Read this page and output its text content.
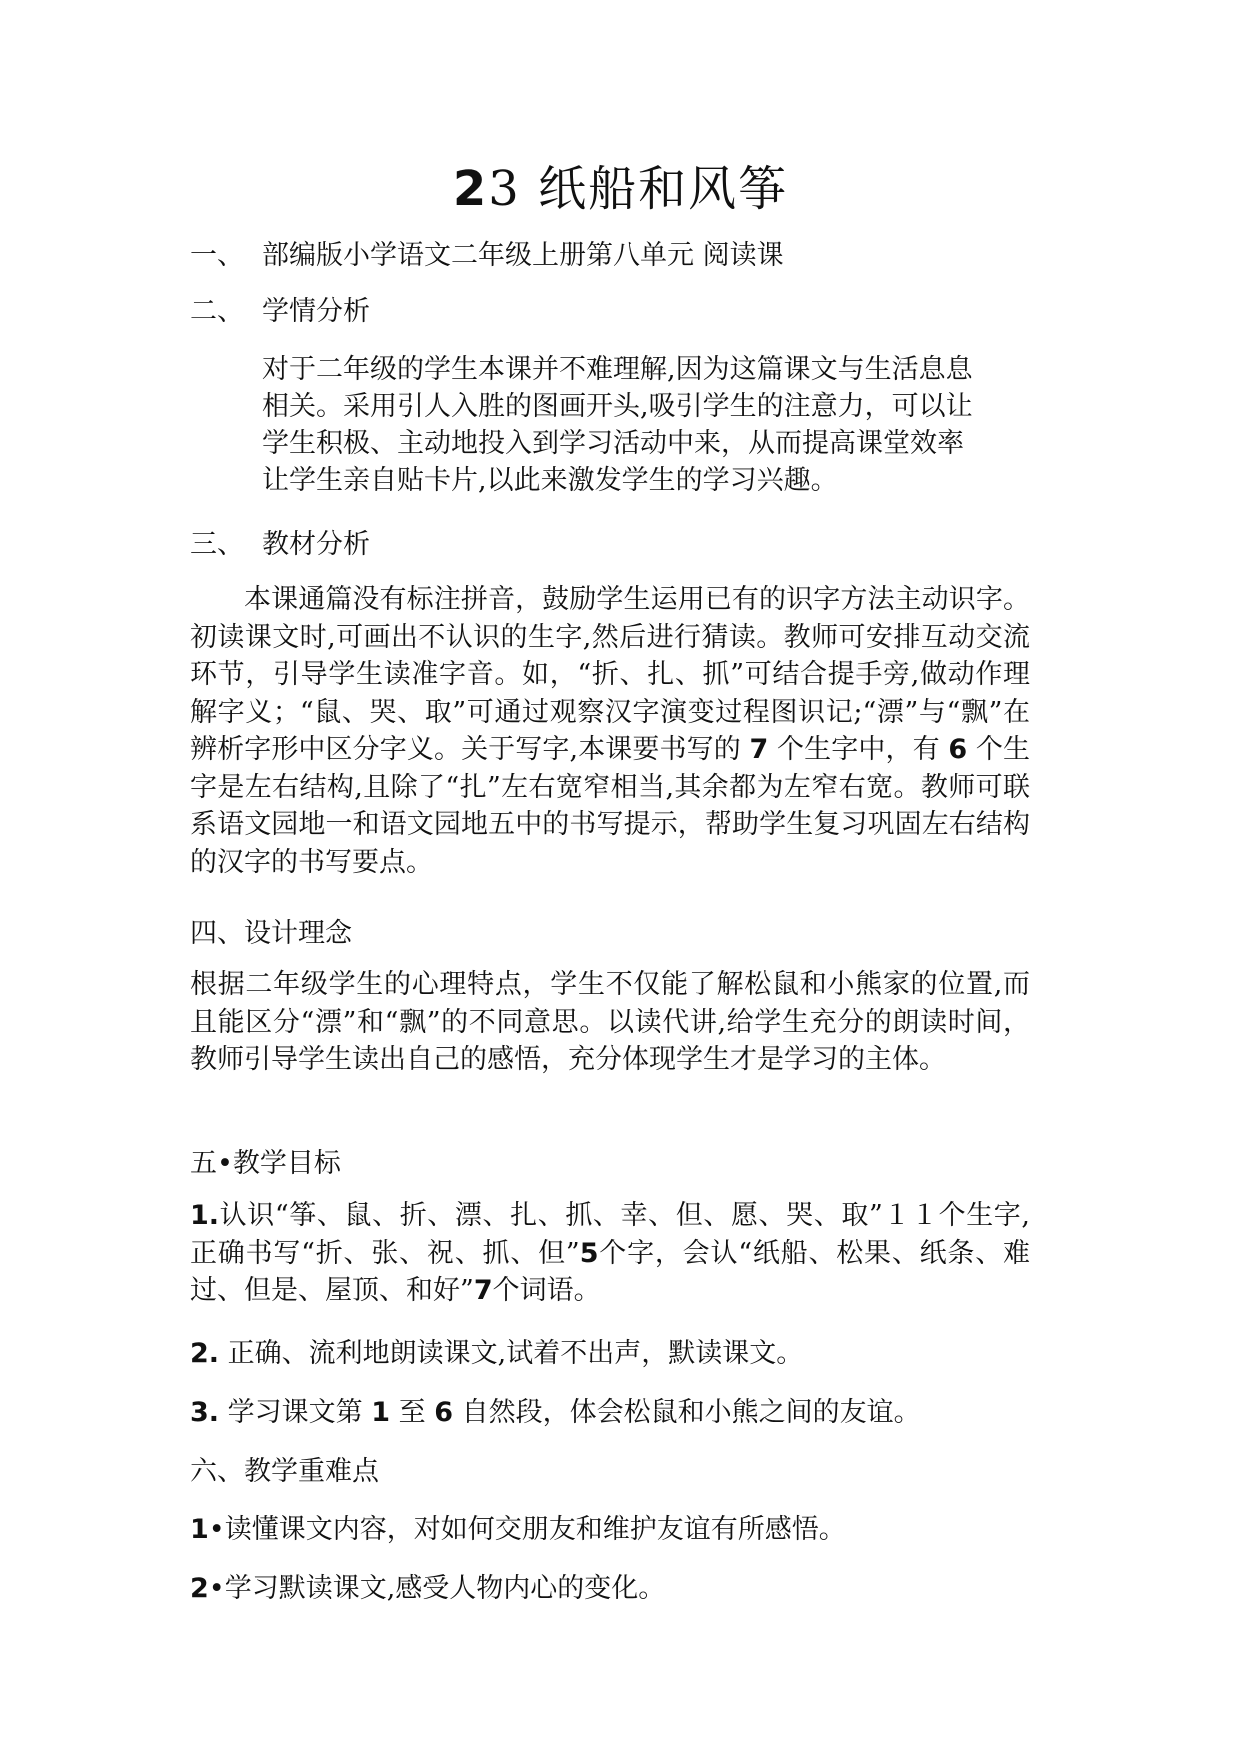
23 纸船和风筝
一、 部编版小学语文二年级上册第八单元 阅读课
二、 学情分析
对于二年级的学生本课并不难理解,因为这篇课文与生活息息
相关。采用引人入胜的图画开头,吸引学生的注意力，可以让
学生积极、主动地投入到学习活动中来，从而提高课堂效率
让学生亲自贴卡片,以此来激发学生的学习兴趣。
三、 教材分析

本课通篇没有标注拼音，鼓励学生运用已有的识字方法主动识字。初读课文时,可画出不认识的生字,然后进行猜读。教师可安排互动交流环节，引导学生读准字音。如，“折、扎、抓”可结合提手旁,做动作理解字义；“鼠、哭、取”可通过观察汉字演变过程图识记;“漂”与“飘”在辨析字形中区分字义。关于写字,本课要书写的 7 个生字中，有 6 个生字是左右结构,且除了“扎”左右宽窄相当,其余都为左窄右宽。教师可联系语文园地一和语文园地五中的书写提示，帮助学生复习巩固左右结构的汉字的书写要点。

四、设计理念

根据二年级学生的心理特点，学生不仅能了解松鼠和小熊家的位置,而且能区分“漂”和“飘”的不同意思。以读代讲,给学生充分的朗读时间，教师引导学生读出自己的感悟，充分体现学生才是学习的主体。

五•教学目标

1.认识“筝、鼠、折、漂、扎、抓、幸、但、愿、哭、取”１１个生字,正确书写“折、张、祝、抓、但”5个字，会认“纸船、松果、纸条、难过、但是、屋顶、和好”7个词语。

2. 正确、流利地朗读课文,试着不出声，默读课文。
3. 学习课文第 1 至 6 自然段，体会松鼠和小熊之间的友谊。
六、教学重难点
1•读懂课文内容，对如何交朋友和维护友谊有所感悟。
2•学习默读课文,感受人物内心的变化。
